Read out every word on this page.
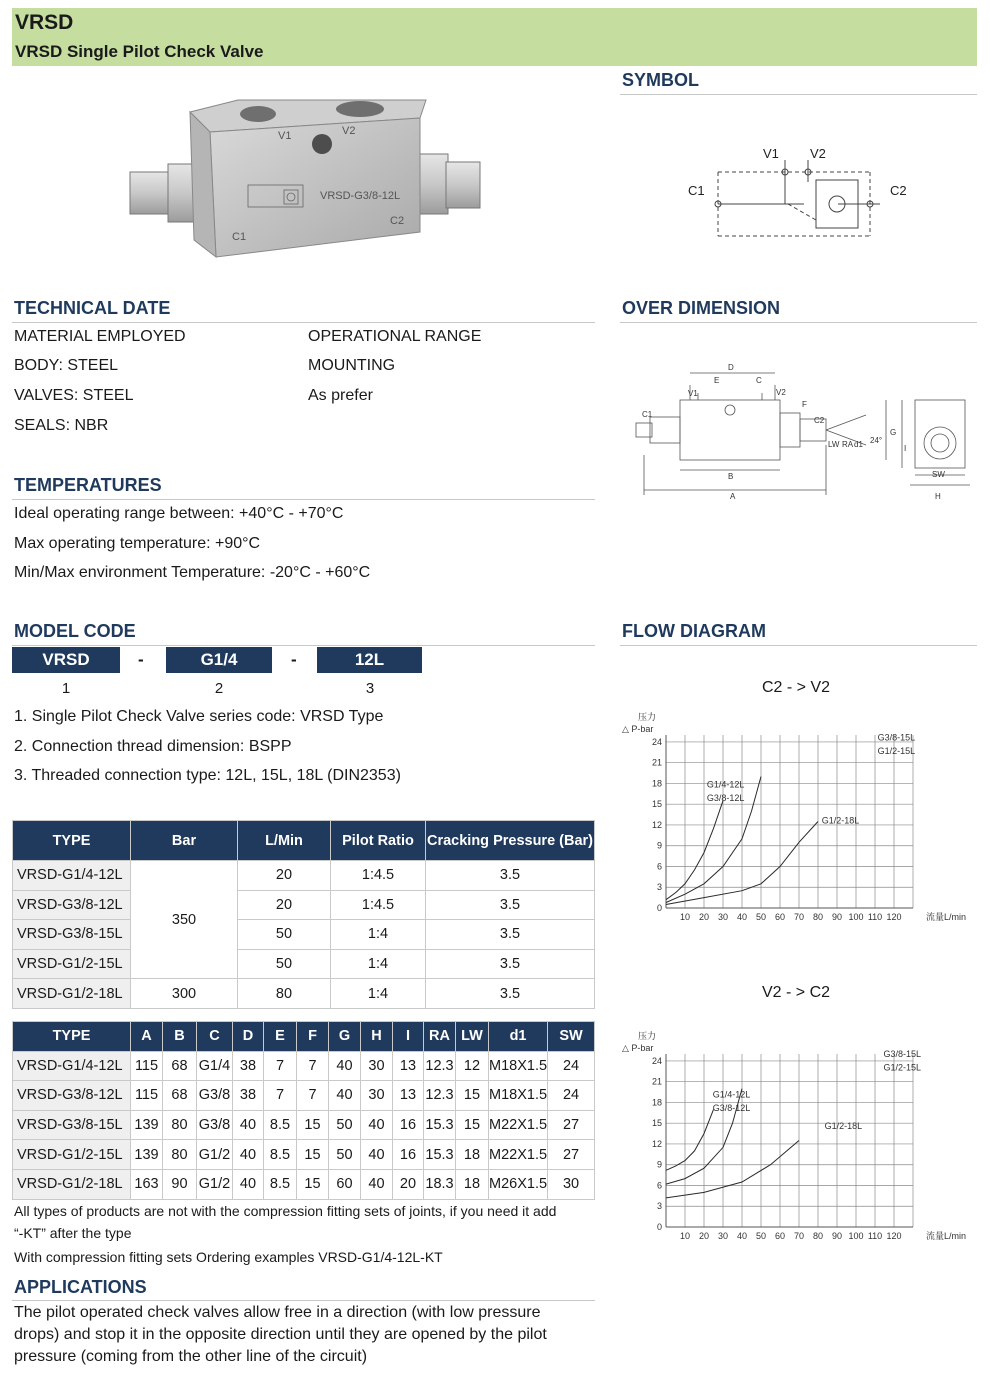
VRSD
VRSD Single Pilot Check Valve
V1	V2
C1
C2
VRSD-G3/8-12L
SYMBOL
V1 V2
C1	C2
TECHNICAL DATE
MATERIAL EMPLOYED
BODY: STEEL
VALVES: STEEL
SEALS: NBR
OPERATIONAL RANGE
MOUNTING
As prefer
OVER DIMENSION
D
E	C
V1	V2
F
C1
C2
LW RA d1 24°
G
I
B
A
SW
H
TEMPERATURES
Ideal operating range between: +40°C - +70°C
Max operating temperature: +90°C
Min/Max environment Temperature: -20°C - +60°C
MODEL CODE
VRSD	-	G1/4	-	12L
1	2	3
1. Single Pilot Check Valve series code: VRSD Type
2. Connection thread dimension: BSPP
3. Threaded connection type: 12L, 15L, 18L (DIN2353)
TYPE	Bar	L/Min	Pilot Ratio	Cracking Pressure (Bar)
VRSD-G1/4-12L	350	20	1:4.5	3.5
VRSD-G3/8-12L		20	1:4.5	3.5
VRSD-G3/8-15L		50	1:4	3.5
VRSD-G1/2-15L		50	1:4	3.5
VRSD-G1/2-18L	300	80	1:4	3.5
TYPE	A	B	C	D	E	F	G	H	I	RA	LW	d1	SW
VRSD-G1/4-12L	115	68	G1/4	38	7	7	40	30	13	12.3	12	M18X1.5	24
VRSD-G3/8-12L	115	68	G3/8	38	7	7	40	30	13	12.3	15	M18X1.5	24
VRSD-G3/8-15L	139	80	G3/8	40	8.5	15	50	40	16	15.3	15	M22X1.5	27
VRSD-G1/2-15L	139	80	G1/2	40	8.5	15	50	40	16	15.3	18	M22X1.5	27
VRSD-G1/2-18L	163	90	G1/2	40	8.5	15	60	40	20	18.3	18	M26X1.5	30
All types of products are not with the compression fitting sets of joints, if you need it add
“-KT” after the type
With compression fitting sets Ordering examples VRSD-G1/4-12L-KT
APPLICATIONS
The pilot operated check valves allow free in a direction (with low pressure drops) and stop it in the opposite direction until they are opened by the pilot pressure (coming from the other line of the circuit)
FLOW DIAGRAM
C2 - > V2
V2 - > C2
10 20 30 40 50 60 70 80 90 100 110 120
0
3
6
9
12
15
18
21
24
压力
△ P-bar
流量L/min
G3/8-15L
G1/2-15L
G1/4-12L
G3/8-12L
G1/2-18L
10 20 30 40 50 60 70 80 90 100 110 120
0
3
6
9
12
15
18
21
24
压力
△ P-bar
流量L/min
G3/8-15L
G1/2-15L
G1/4-12L
G3/8-12L
G1/2-18L
